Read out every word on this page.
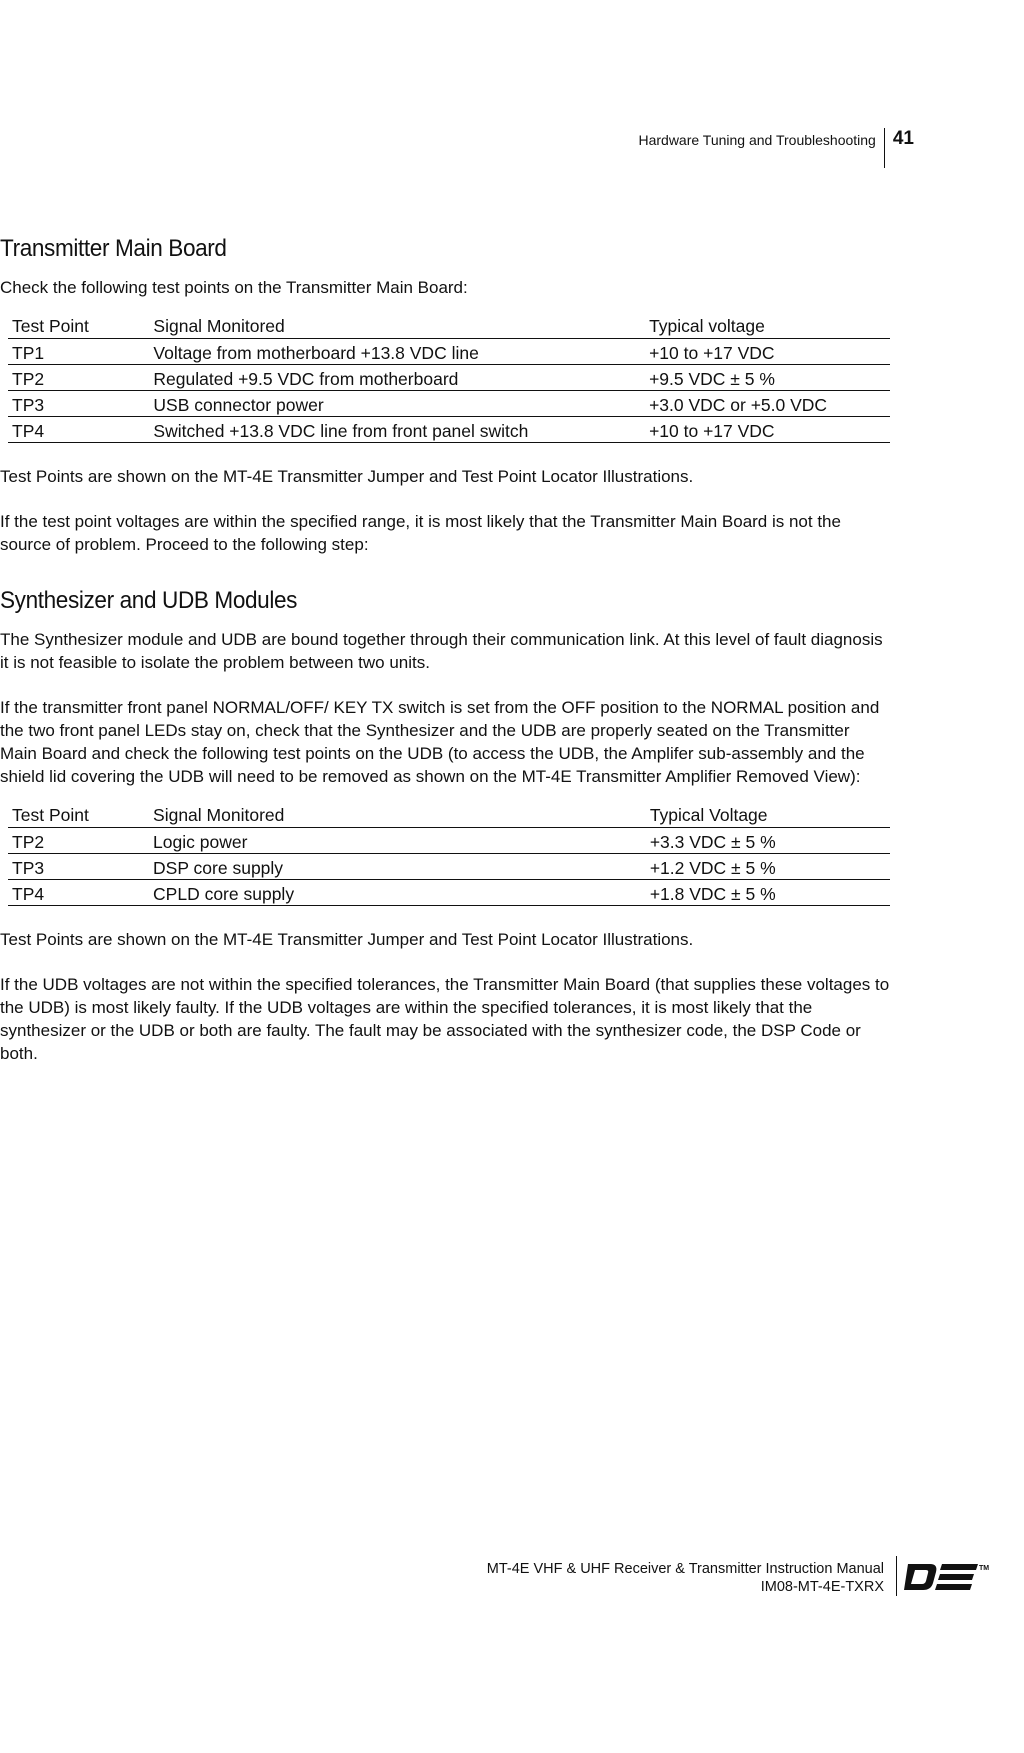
Hardware Tuning and Troubleshooting 41
Transmitter Main Board

Check the following test points on the Transmitter Main Board:

Test Point	Signal Monitored	Typical voltage
TP1	Voltage from motherboard +13.8 VDC line	+10 to +17 VDC
TP2	Regulated +9.5 VDC from motherboard	+9.5 VDC ± 5 %
TP3	USB connector power	+3.0 VDC or +5.0 VDC
TP4	Switched +13.8 VDC line from front panel switch	+10 to +17 VDC

Test Points are shown on the MT-4E Transmitter Jumper and Test Point Locator Illustrations.

If the test point voltages are within the specified range, it is most likely that the Transmitter Main Board is not the source of problem. Proceed to the following step:

Synthesizer and UDB Modules

The Synthesizer module and UDB are bound together through their communication link. At this level of fault diagnosis it is not feasible to isolate the problem between two units.

If the transmitter front panel NORMAL/OFF/ KEY TX switch is set from the OFF position to the NORMAL position and the two front panel LEDs stay on, check that the Synthesizer and the UDB are properly seated on the Transmitter Main Board and check the following test points on the UDB (to access the UDB, the Amplifer sub-assembly and the shield lid covering the UDB will need to be removed as shown on the MT-4E Transmitter Amplifier Removed View):

Test Point	Signal Monitored	Typical Voltage
TP2	Logic power	+3.3 VDC ± 5 %
TP3	DSP core supply	+1.2 VDC ± 5 %
TP4	CPLD core supply	+1.8 VDC ± 5 %

Test Points are shown on the MT-4E Transmitter Jumper and Test Point Locator Illustrations.

If the UDB voltages are not within the specified tolerances, the Transmitter Main Board (that supplies these voltages to the UDB) is most likely faulty. If the UDB voltages are within the specified tolerances, it is most likely that the synthesizer or the UDB or both are faulty. The fault may be associated with the synthesizer code, the DSP Code or both.

MT-4E VHF & UHF Receiver & Transmitter Instruction Manual
IM08-MT-4E-TXRX
TM
